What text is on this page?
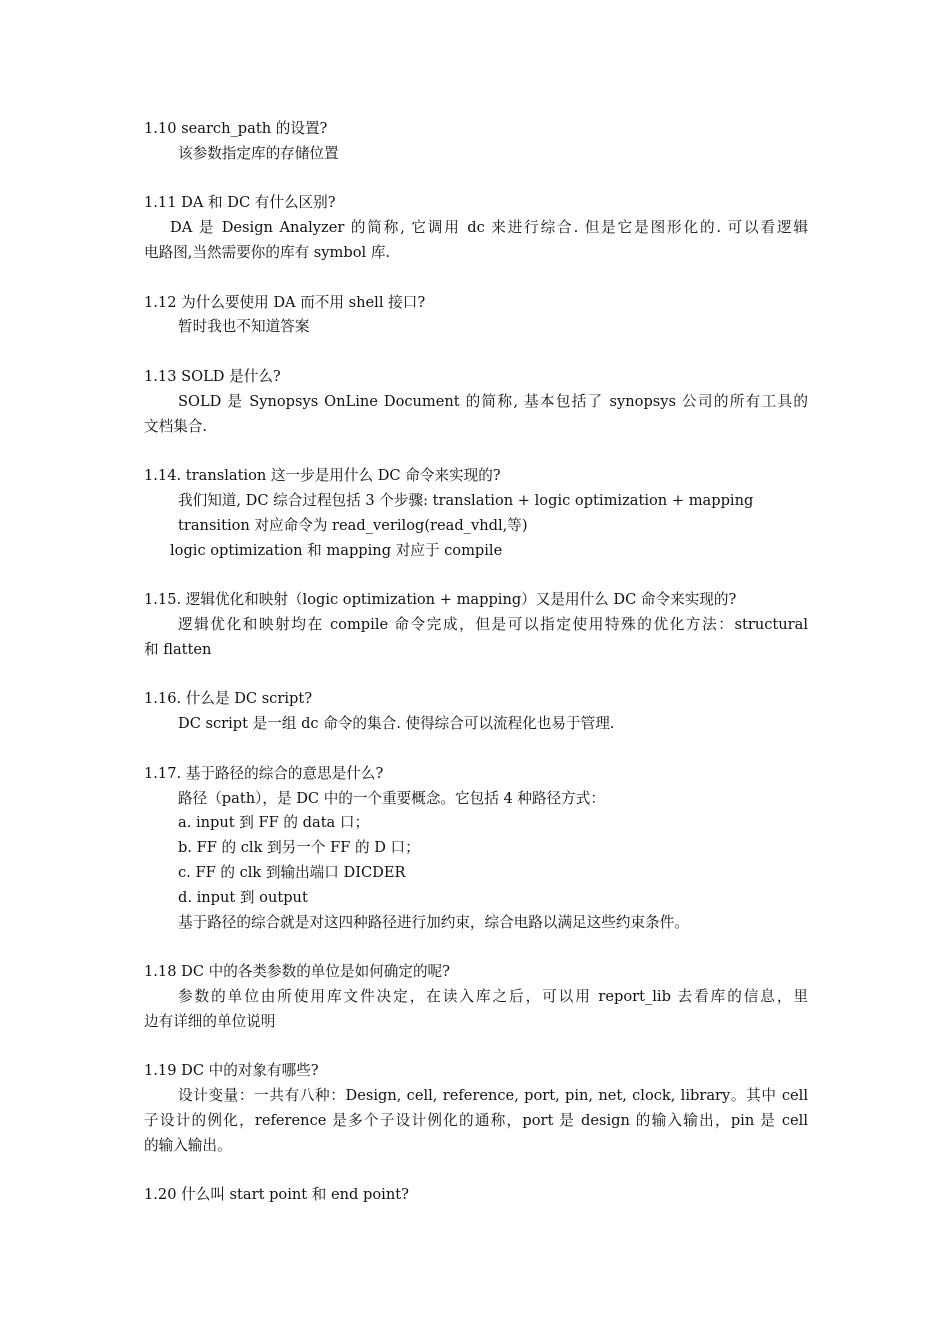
1.10 search_path 的设置?
该参数指定库的存储位置
1.11 DA 和 DC 有什么区别?
DA 是 Design Analyzer 的简称, 它调用 dc 来进行综合. 但是它是图形化的. 可以看逻辑
电路图,当然需要你的库有 symbol 库.
1.12 为什么要使用 DA 而不用 shell 接口?
暂时我也不知道答案
1.13 SOLD 是什么?
SOLD 是 Synopsys OnLine Document 的简称, 基本包括了 synopsys 公司的所有工具的
文档集合.
1.14. translation 这一步是用什么 DC 命令来实现的?
我们知道, DC 综合过程包括 3 个步骤: translation + logic optimization + mapping
transition 对应命令为 read_verilog(read_vhdl,等)
logic optimization 和 mapping 对应于 compile
1.15. 逻辑优化和映射（logic optimization + mapping）又是用什么 DC 命令来实现的?
逻辑优化和映射均在 compile 命令完成，但是可以指定使用特殊的优化方法：structural
和 flatten
1.16. 什么是 DC script?
DC script 是一组 dc 命令的集合. 使得综合可以流程化也易于管理.
1.17. 基于路径的综合的意思是什么?
路径（path），是 DC 中的一个重要概念。它包括 4 种路径方式：
a. input 到 FF 的 data 口；
b. FF 的 clk 到另一个 FF 的 D 口；
c. FF 的 clk 到输出端口 DICDER
d. input 到 output
基于路径的综合就是对这四种路径进行加约束，综合电路以满足这些约束条件。
1.18 DC 中的各类参数的单位是如何确定的呢?
参数的单位由所使用库文件决定，在读入库之后，可以用 report_lib 去看库的信息，里
边有详细的单位说明
1.19 DC 中的对象有哪些?
设计变量：一共有八种：Design, cell, reference, port, pin, net, clock, library。其中 cell
子设计的例化，reference 是多个子设计例化的通称，port 是 design 的输入输出，pin 是 cell
的输入输出。
1.20 什么叫 start point 和 end point?
